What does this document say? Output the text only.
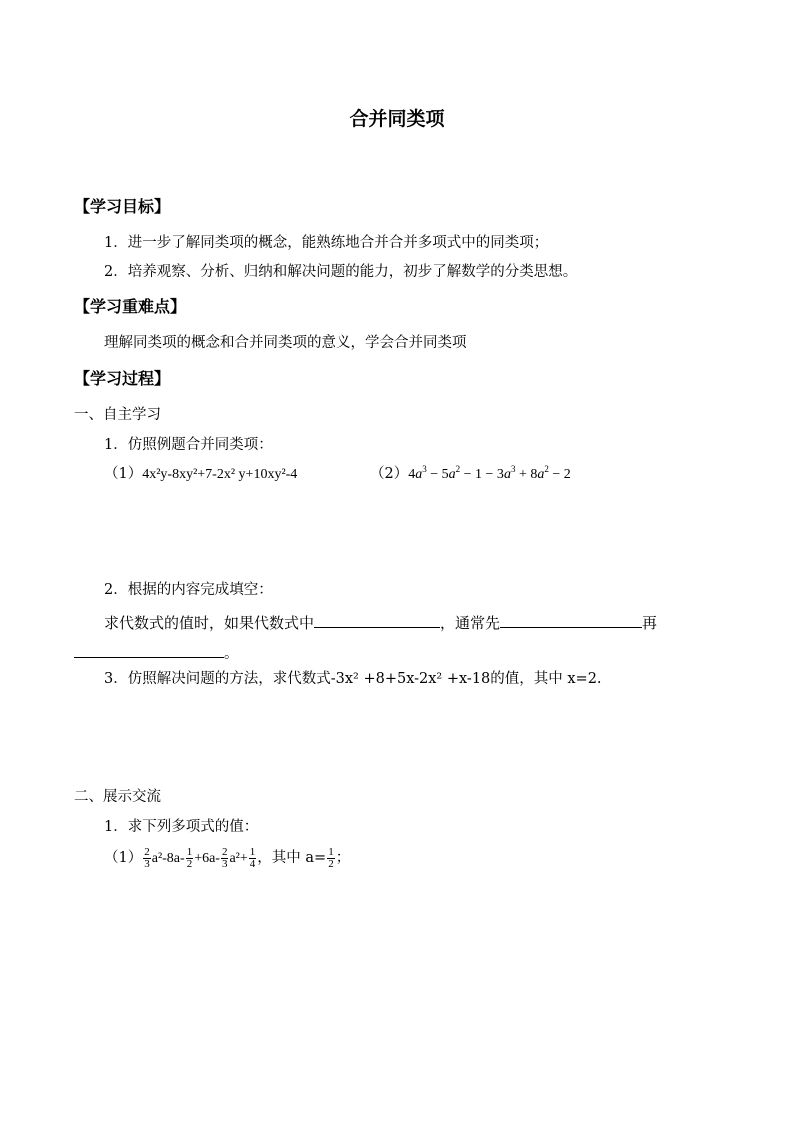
合并同类项
【学习目标】
1．进一步了解同类项的概念，能熟练地合并合并多项式中的同类项；
2．培养观察、分析、归纳和解决问题的能力，初步了解数学的分类思想。
【学习重难点】
理解同类项的概念和合并同类项的意义，学会合并同类项
【学习过程】
一、自主学习
1．仿照例题合并同类项：
（1）4x²y-8xy²+7-2x² y+10xy²-4	$(2)4a^3 - 5a^2 - 1 - 3a^3 + 8a^2 - 2$
2．根据的内容完成填空：
求代数式的值时，如果代数式中	，通常先	再
。
3．仿照解决问题的方法，求代数式-3x² +8+5x-2x² +x-18的值，其中 x=2.
二、展示交流
1．求下列多项式的值：
$(1) \frac{2}{3} a^2-8a- \frac{1}{2} +6a- \frac{2}{3} a^2+ \frac{1}{4}$ ，其中 $a= \frac{1}{2}$ ；
